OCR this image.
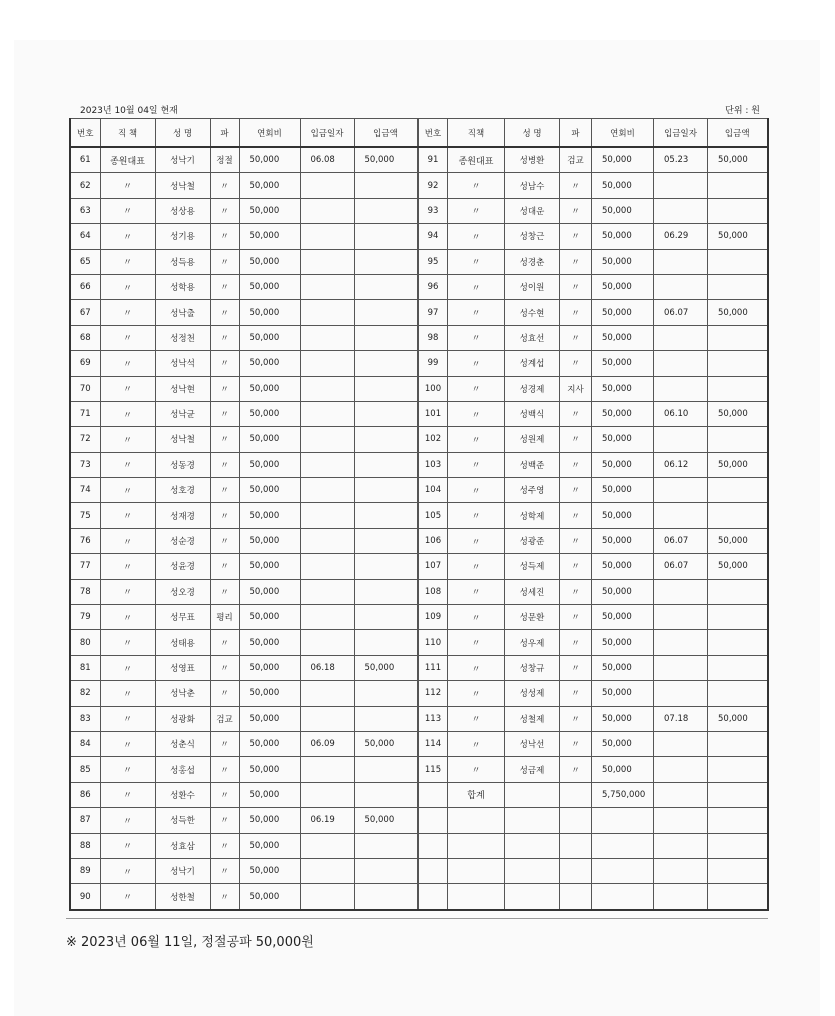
2023년 10월 04일 현재	단위 : 원
번호	직 책	성 명	파	연회비	입금일자	입금액
61	종원대표	성낙기	정절	50,000	06.08	50,000
62	〃	성낙철	〃	50,000		
63	〃	성상용	〃	50,000		
64	〃	성기용	〃	50,000		
65	〃	성득용	〃	50,000		
66	〃	성학용	〃	50,000		
67	〃	성낙출	〃	50,000		
68	〃	성정천	〃	50,000		
69	〃	성낙석	〃	50,000		
70	〃	성낙현	〃	50,000		
71	〃	성낙균	〃	50,000		
72	〃	성낙철	〃	50,000		
73	〃	성동경	〃	50,000		
74	〃	성호경	〃	50,000		
75	〃	성재경	〃	50,000		
76	〃	성순경	〃	50,000		
77	〃	성윤경	〃	50,000		
78	〃	성오경	〃	50,000		
79	〃	성무표	평리	50,000		
80	〃	성태용	〃	50,000		
81	〃	성영표	〃	50,000	06.18	50,000
82	〃	성낙춘	〃	50,000		
83	〃	성광화	검교	50,000		
84	〃	성춘식	〃	50,000	06.09	50,000
85	〃	성홍섭	〃	50,000		
86	〃	성환수	〃	50,000		
87	〃	성득한	〃	50,000	06.19	50,000
88	〃	성효삼	〃	50,000		
89	〃	성낙기	〃	50,000		
90	〃	성한철	〃	50,000		
번호	직책	성 명	파	연회비	입금일자	입금액
91	종원대표	성병환	검교	50,000	05.23	50,000
92	〃	성남수	〃	50,000		
93	〃	성대운	〃	50,000		
94	〃	성창근	〃	50,000	06.29	50,000
95	〃	성경춘	〃	50,000		
96	〃	성이원	〃	50,000		
97	〃	성수현	〃	50,000	06.07	50,000
98	〃	성효선	〃	50,000		
99	〃	성계섭	〃	50,000		
100	〃	성경제	지사	50,000		
101	〃	성백식	〃	50,000	06.10	50,000
102	〃	성원제	〃	50,000		
103	〃	성백준	〃	50,000	06.12	50,000
104	〃	성주영	〃	50,000		
105	〃	성학제	〃	50,000		
106	〃	성광준	〃	50,000	06.07	50,000
107	〃	성득제	〃	50,000	06.07	50,000
108	〃	성세진	〃	50,000		
109	〃	성문환	〃	50,000		
110	〃	성우제	〃	50,000		
111	〃	성창규	〃	50,000		
112	〃	성성제	〃	50,000		
113	〃	성철제	〃	50,000	07.18	50,000
114	〃	성낙선	〃	50,000		
115	〃	성금제	〃	50,000		
	합계			5,750,000		

※ 2023년 06월 11일, 정절공파 50,000원
